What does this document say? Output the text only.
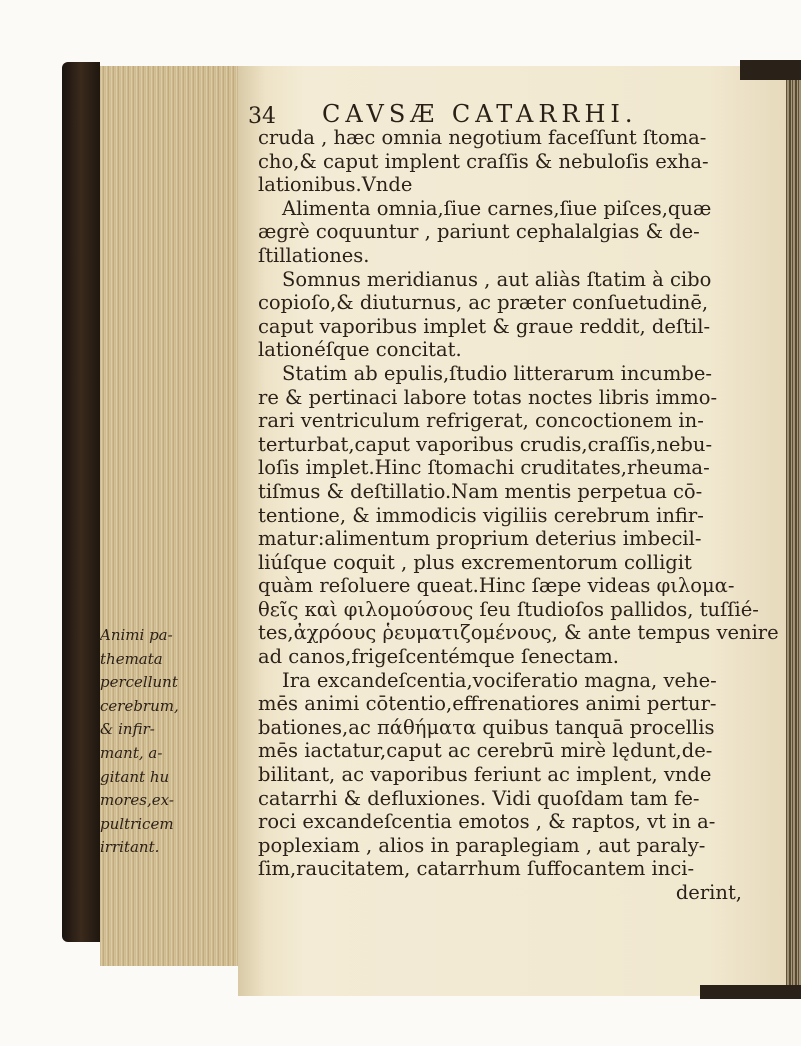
34 CAVSÆ CATARRHI.

cruda , hæc omnia negotium faceſſunt ſtoma-

cho,& caput implent craſſis & nebuloſis exha-

lationibus.Vnde

Alimenta omnia,ſiue carnes,ſiue piſces,quæ

ægrè coquuntur , pariunt cephalalgias & de-

ſtillationes.

Somnus meridianus , aut aliàs ſtatim à cibo

copioſo,& diuturnus, ac præter conſuetudinē,

caput vaporibus implet & graue reddit, deſtil-

lationéſque concitat.

Statim ab epulis,ſtudio litterarum incumbe-

re & pertinaci labore totas noctes libris immo-

rari ventriculum refrigerat, concoctionem in-

terturbat,caput vaporibus crudis,craſſis,nebu-

loſis implet.Hinc ſtomachi cruditates,rheuma-

tiſmus & deſtillatio.Nam mentis perpetua cō-

tentione, & immodicis vigiliis cerebrum infir-

matur:alimentum proprium deterius imbecil-

liúſque coquit , plus excrementorum colligit

quàm reſoluere queat.Hinc ſæpe videas φιλομα-

θεῖς καὶ φιλομούσους ſeu ſtudioſos pallidos, tuſſié-

tes,ἀχρόους ῥευματιζομένους, & ante tempus venire

ad canos,frigeſcentémque ſenectam.

Ira excandeſcentia,vociferatio magna, vehe-

mēs animi cōtentio,effrenatiores animi pertur-

bationes,ac πάθήματα quibus tanquā procellis

mēs iactatur,caput ac cerebrū mirè lędunt,de-

bilitant, ac vaporibus feriunt ac implent, vnde

catarrhi & defluxiones. Vidi quoſdam tam fe-

roci excandeſcentia emotos , & raptos, vt in a-

poplexiam , alios in paraplegiam , aut paraly-

ſim,raucitatem, catarrhum ſuffocantem inci-

derint,

Animi pa-
themata
percellunt
cerebrum,
& infir-
mant, a-
gitant hu
mores,ex-
pultricem
irritant.
